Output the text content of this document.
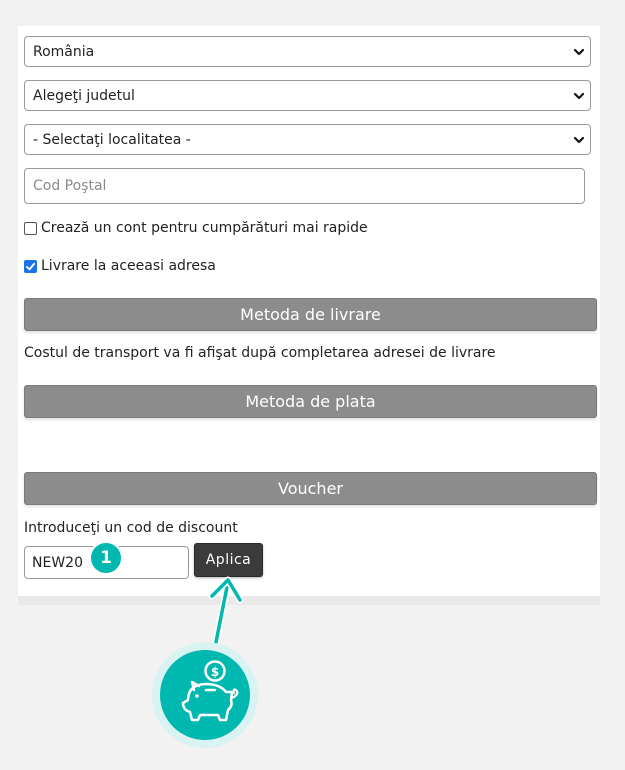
România
Alegeţi judetul
- Selectaţi localitatea -
Cod Poştal
Crează un cont pentru cumpărături mai rapide
Livrare la aceeasi adresa
Metoda de livrare
Costul de transport va fi afişat după completarea adresei de livrare
Metoda de plata
Voucher
Introduceţi un cod de discount
NEW20	Aplica
1
$
